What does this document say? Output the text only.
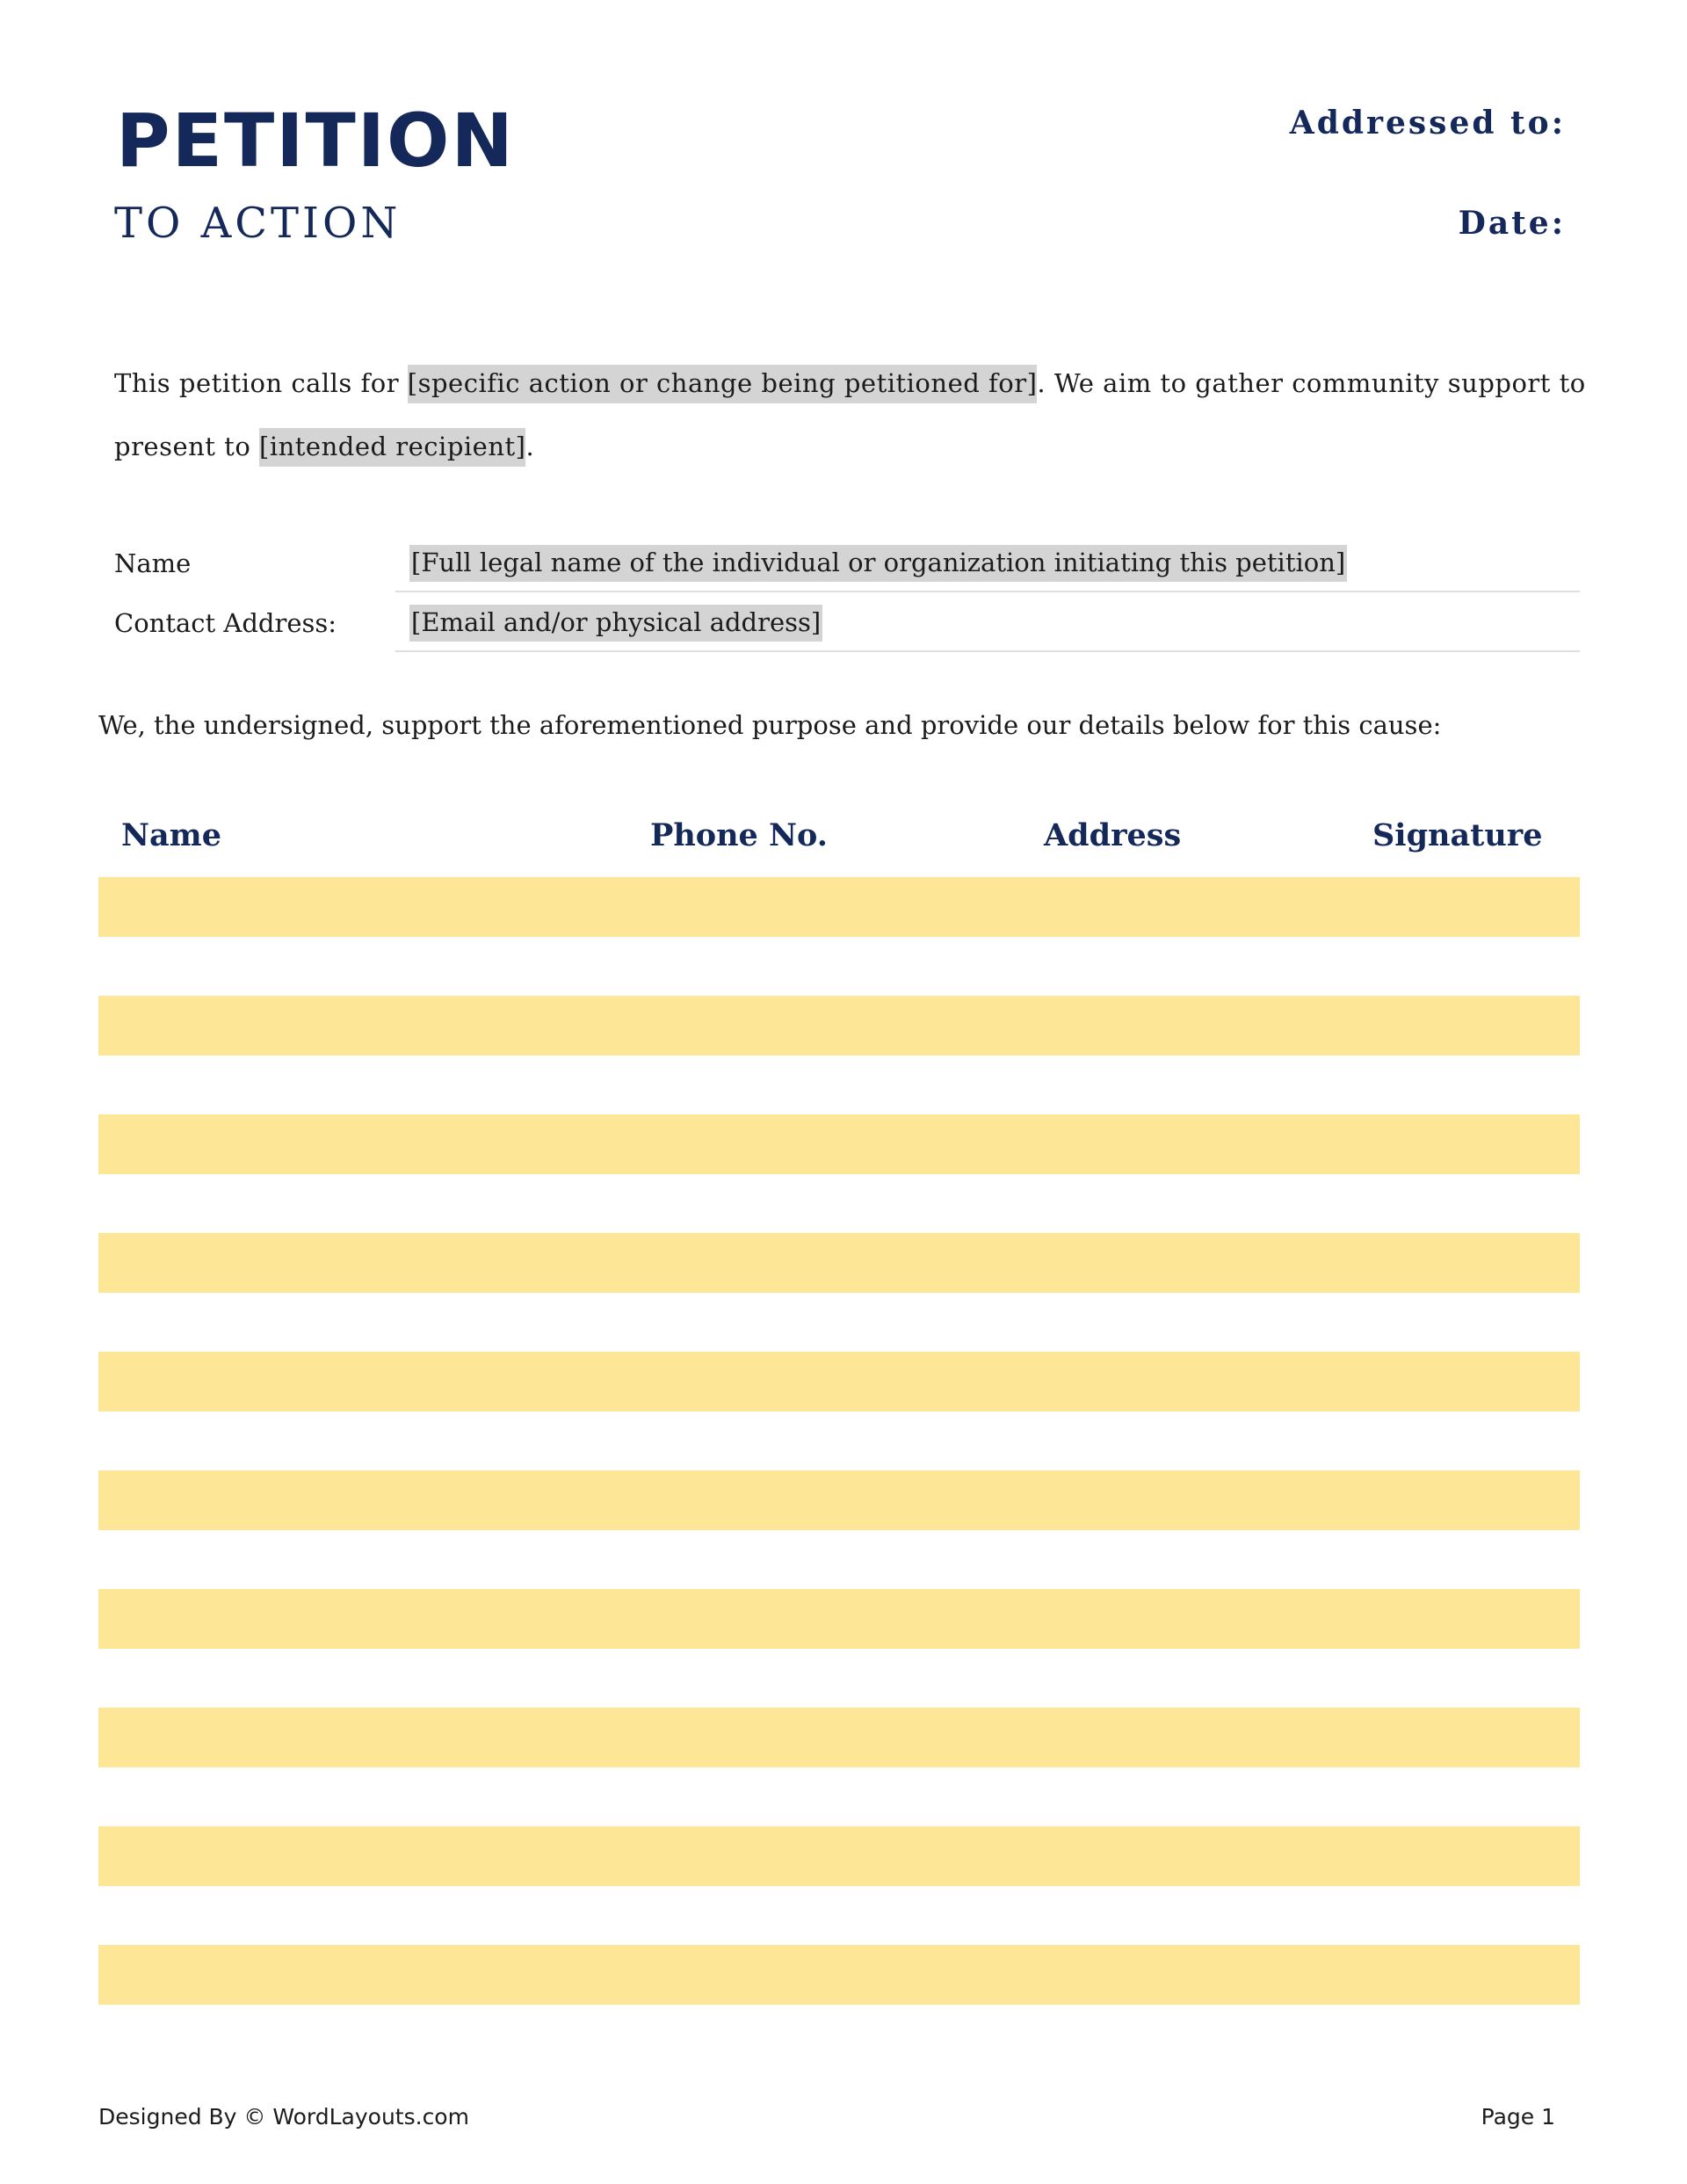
PETITION
TO ACTION
Addressed to:
Date:

This petition calls for [specific action or change being petitioned for]. We aim to gather community support to present to [intended recipient].

Name	[Full legal name of the individual or organization initiating this petition]
Contact Address:	[Email and/or physical address]
We, the undersigned, support the aforementioned purpose and provide our details below for this cause:
Name	Phone No.	Address	Signature
Designed By © WordLayouts.com	Page 1
